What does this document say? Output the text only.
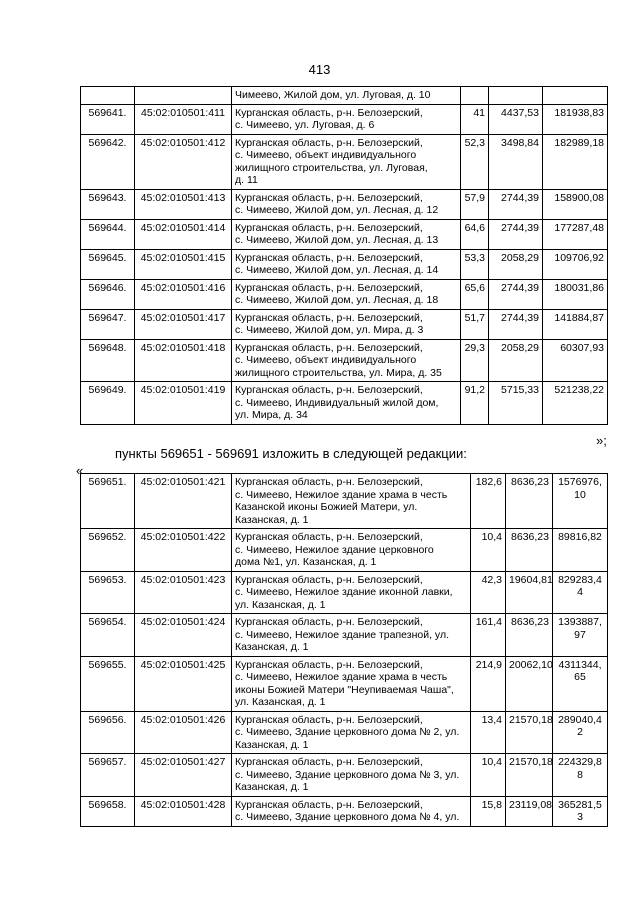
413
		Чимеево, Жилой дом, ул. Луговая, д. 10			
569641.	45:02:010501:411	Курганская область, р-н. Белозерский,
с. Чимеево, ул. Луговая, д. 6	41	4437,53	181938,83
569642.	45:02:010501:412	Курганская область, р-н. Белозерский,
с. Чимеево, объект индивидуального
жилищного строительства, ул. Луговая,
д. 11	52,3	3498,84	182989,18
569643.	45:02:010501:413	Курганская область, р-н. Белозерский,
с. Чимеево, Жилой дом, ул. Лесная, д. 12	57,9	2744,39	158900,08
569644.	45:02:010501:414	Курганская область, р-н. Белозерский,
с. Чимеево, Жилой дом, ул. Лесная, д. 13	64,6	2744,39	177287,48
569645.	45:02:010501:415	Курганская область, р-н. Белозерский,
с. Чимеево, Жилой дом, ул. Лесная, д. 14	53,3	2058,29	109706,92
569646.	45:02:010501:416	Курганская область, р-н. Белозерский,
с. Чимеево, Жилой дом, ул. Лесная, д. 18	65,6	2744,39	180031,86
569647.	45:02:010501:417	Курганская область, р-н. Белозерский,
с. Чимеево, Жилой дом, ул. Мира, д. 3	51,7	2744,39	141884,87
569648.	45:02:010501:418	Курганская область, р-н. Белозерский,
с. Чимеево, объект индивидуального
жилищного строительства, ул. Мира, д. 35	29,3	2058,29	60307,93
569649.	45:02:010501:419	Курганская область, р-н. Белозерский,
с. Чимеево, Индивидуальный жилой дом,
ул. Мира, д. 34	91,2	5715,33	521238,22
»;
пункты 569651 - 569691 изложить в следующей редакции:
«
569651.	45:02:010501:421	Курганская область, р-н. Белозерский,
с. Чимеево, Нежилое здание храма в честь
Казанской иконы Божией Матери, ул.
Казанская, д. 1	182,6	8636,23	1576976,10
569652.	45:02:010501:422	Курганская область, р-н. Белозерский,
с. Чимеево, Нежилое здание церковного
дома №1, ул. Казанская, д. 1	10,4	8636,23	89816,82
569653.	45:02:010501:423	Курганская область, р-н. Белозерский,
с. Чимеево, Нежилое здание иконной лавки,
ул. Казанская, д. 1	42,3	19604,81	829283,44
569654.	45:02:010501:424	Курганская область, р-н. Белозерский,
с. Чимеево, Нежилое здание трапезной, ул.
Казанская, д. 1	161,4	8636,23	1393887,97
569655.	45:02:010501:425	Курганская область, р-н. Белозерский,
с. Чимеево, Нежилое здание храма в честь
иконы Божией Матери "Неупиваемая Чаша",
ул. Казанская, д. 1	214,9	20062,10	4311344,65
569656.	45:02:010501:426	Курганская область, р-н. Белозерский,
с. Чимеево, Здание церковного дома № 2, ул.
Казанская, д. 1	13,4	21570,18	289040,42
569657.	45:02:010501:427	Курганская область, р-н. Белозерский,
с. Чимеево, Здание церковного дома № 3, ул.
Казанская, д. 1	10,4	21570,18	224329,88
569658.	45:02:010501:428	Курганская область, р-н. Белозерский,
с. Чимеево, Здание церковного дома № 4, ул.	15,8	23119,08	365281,53
